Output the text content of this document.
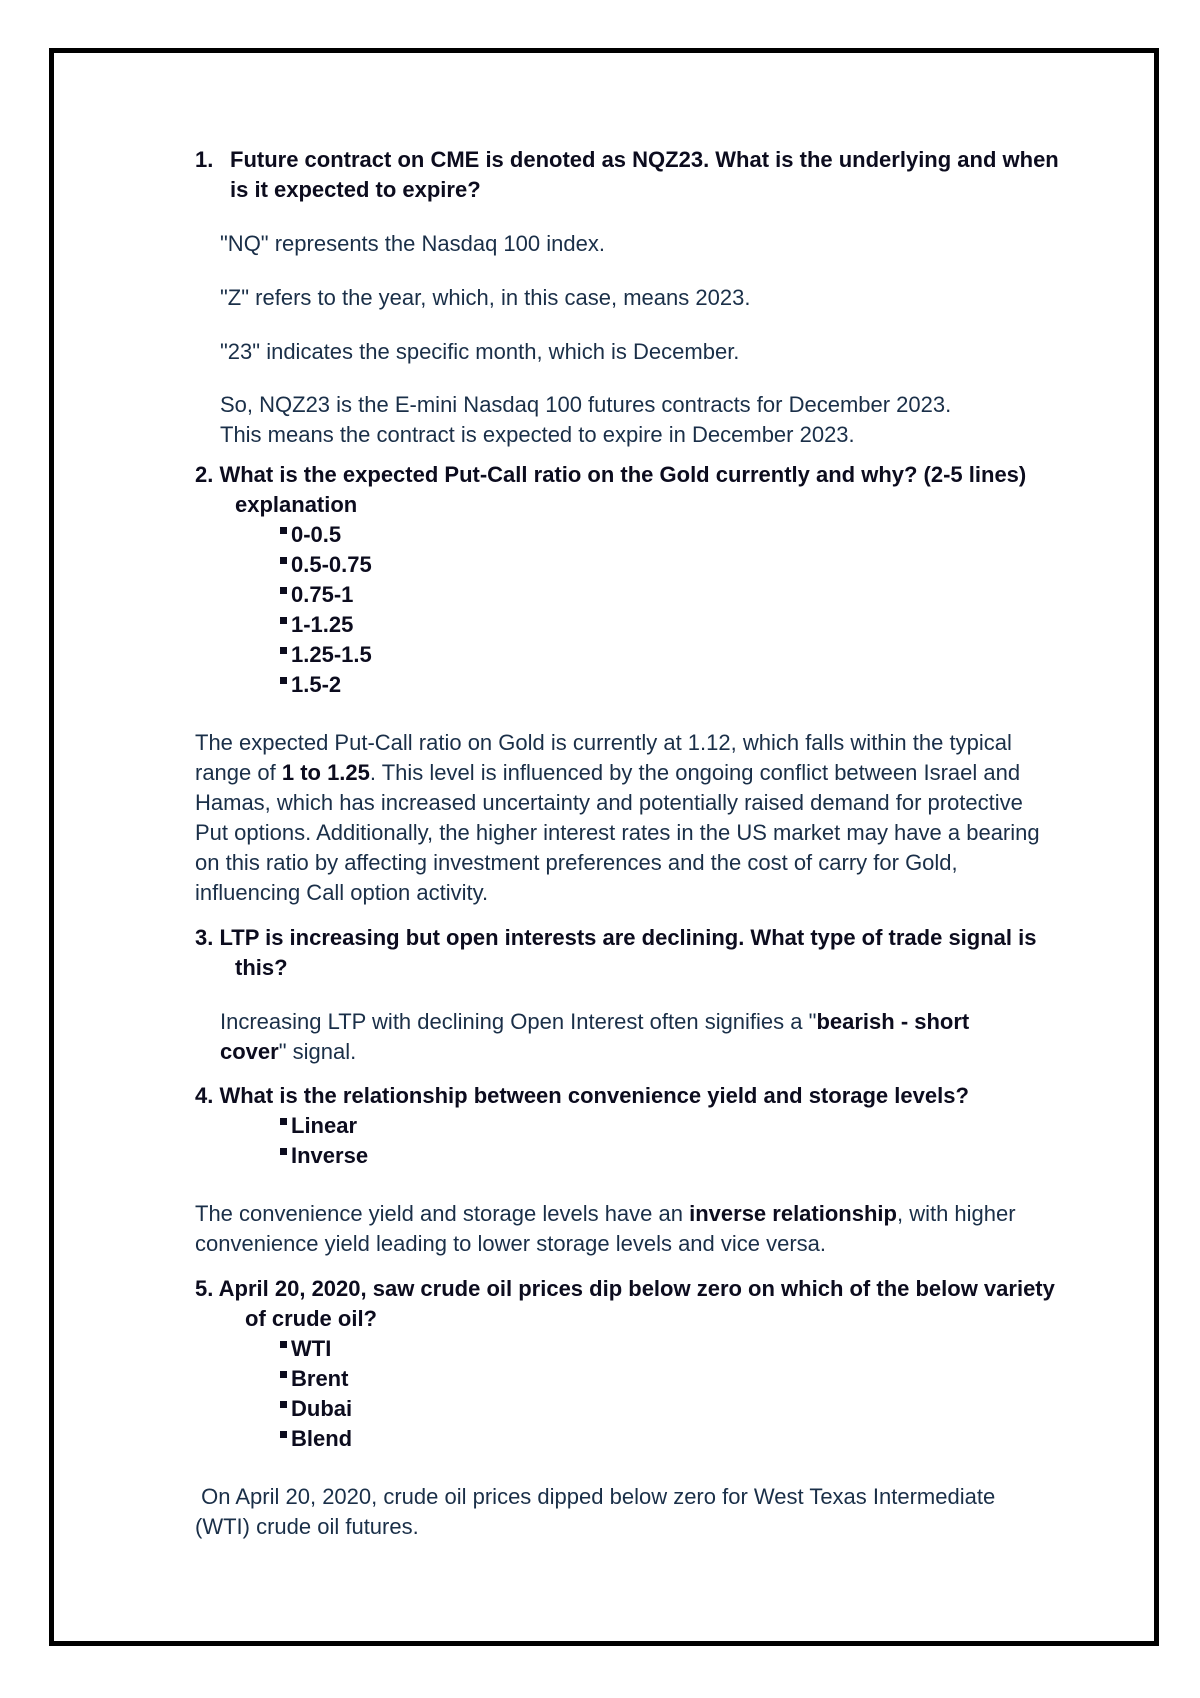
1. Future contract on CME is denoted as NQZ23. What is the underlying and when is it expected to expire?
"NQ" represents the Nasdaq 100 index.
"Z" refers to the year, which, in this case, means 2023.
"23" indicates the specific month, which is December.
So, NQZ23 is the E-mini Nasdaq 100 futures contracts for December 2023. This means the contract is expected to expire in December 2023.
2. What is the expected Put-Call ratio on the Gold currently and why? (2-5 lines) explanation
0-0.5
0.5-0.75
0.75-1
1-1.25
1.25-1.5
1.5-2
The expected Put-Call ratio on Gold is currently at 1.12, which falls within the typical range of 1 to 1.25. This level is influenced by the ongoing conflict between Israel and Hamas, which has increased uncertainty and potentially raised demand for protective Put options. Additionally, the higher interest rates in the US market may have a bearing on this ratio by affecting investment preferences and the cost of carry for Gold, influencing Call option activity.
3. LTP is increasing but open interests are declining. What type of trade signal is this?
Increasing LTP with declining Open Interest often signifies a "bearish - short cover" signal.
4. What is the relationship between convenience yield and storage levels?
Linear
Inverse
The convenience yield and storage levels have an inverse relationship, with higher convenience yield leading to lower storage levels and vice versa.
5. April 20, 2020, saw crude oil prices dip below zero on which of the below variety of crude oil?
WTI
Brent
Dubai
Blend
On April 20, 2020, crude oil prices dipped below zero for West Texas Intermediate (WTI) crude oil futures.
